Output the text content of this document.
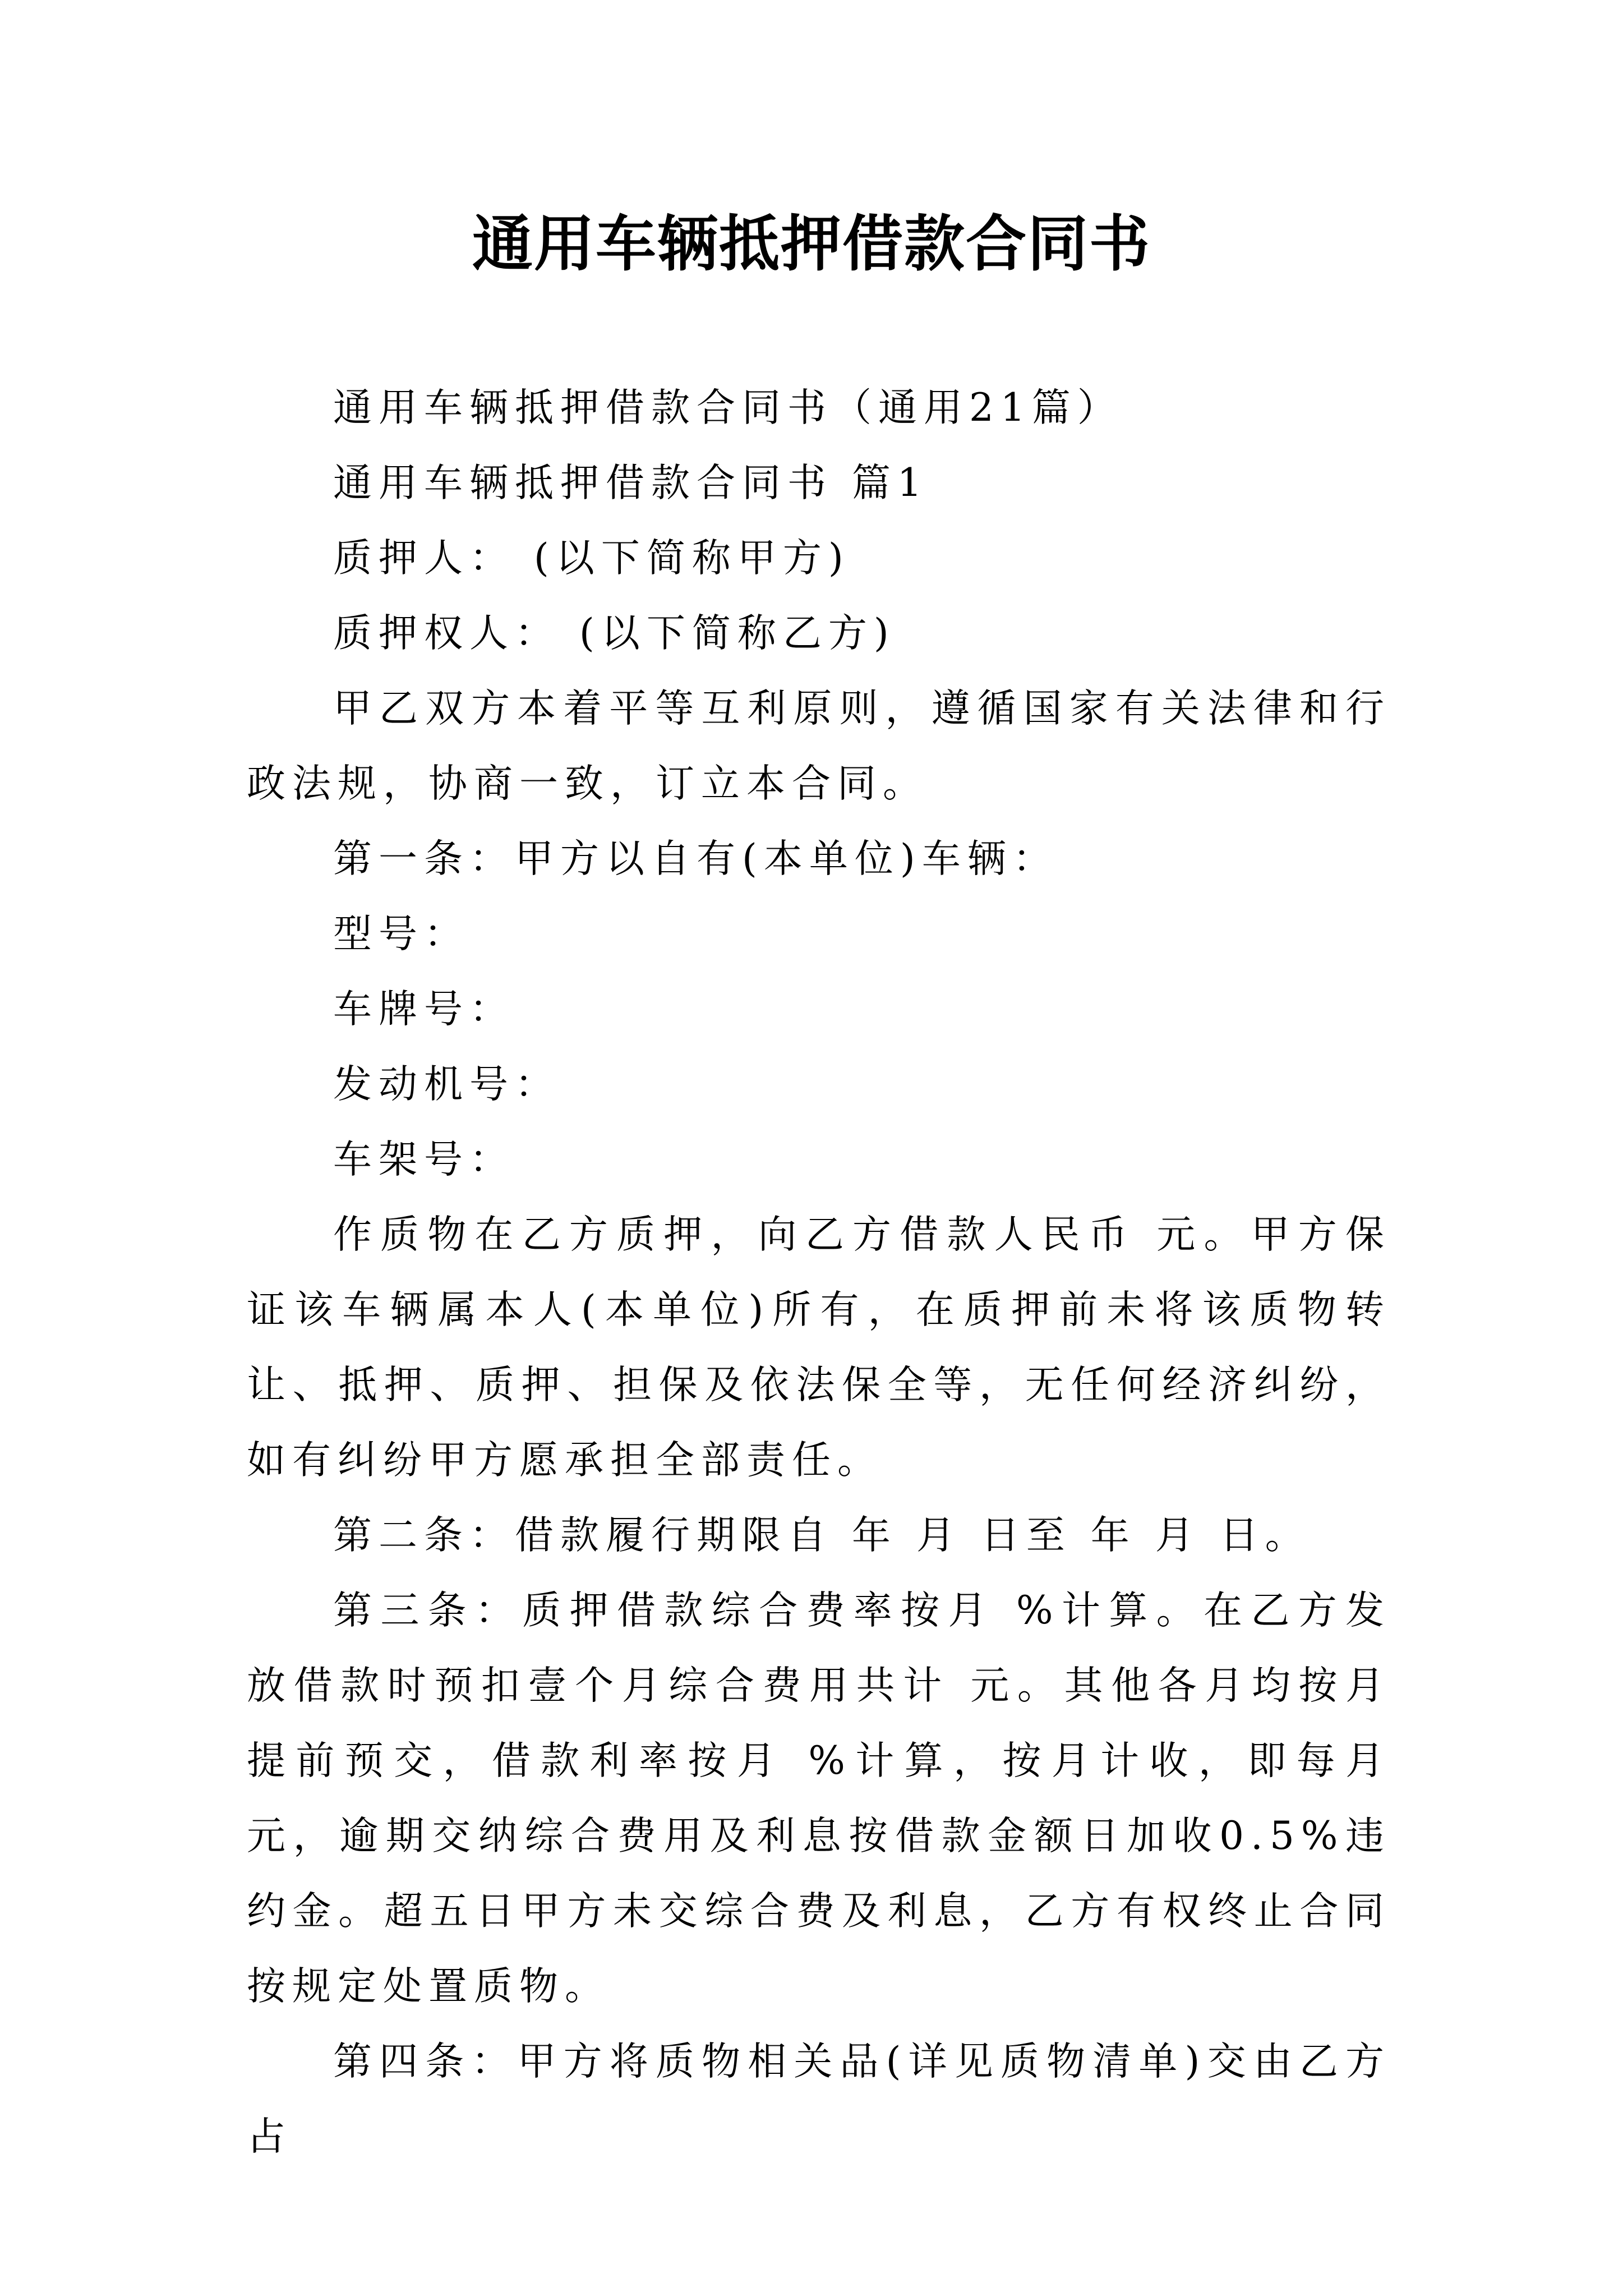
通用车辆抵押借款合同书

通用车辆抵押借款合同书（通用21篇）

通用车辆抵押借款合同书 篇1

质押人： (以下简称甲方)

质押权人： (以下简称乙方)

甲乙双方本着平等互利原则，遵循国家有关法律和行政法规，协商一致，订立本合同。

第一条：甲方以自有(本单位)车辆：

型号：

车牌号：

发动机号：

车架号：

作质物在乙方质押，向乙方借款人民币 元。甲方保证该车辆属本人(本单位)所有，在质押前未将该质物转让、抵押、质押、担保及依法保全等，无任何经济纠纷，如有纠纷甲方愿承担全部责任。

第二条：借款履行期限自 年 月 日至 年 月 日。

第三条：质押借款综合费率按月 %计算。在乙方发放借款时预扣壹个月综合费用共计 元。其他各月均按月提前预交，借款利率按月 %计算，按月计收，即每月 元，逾期交纳综合费用及利息按借款金额日加收0.5%违约金。超五日甲方未交综合费及利息，乙方有权终止合同按规定处置质物。

第四条：甲方将质物相关品(详见质物清单)交由乙方占
